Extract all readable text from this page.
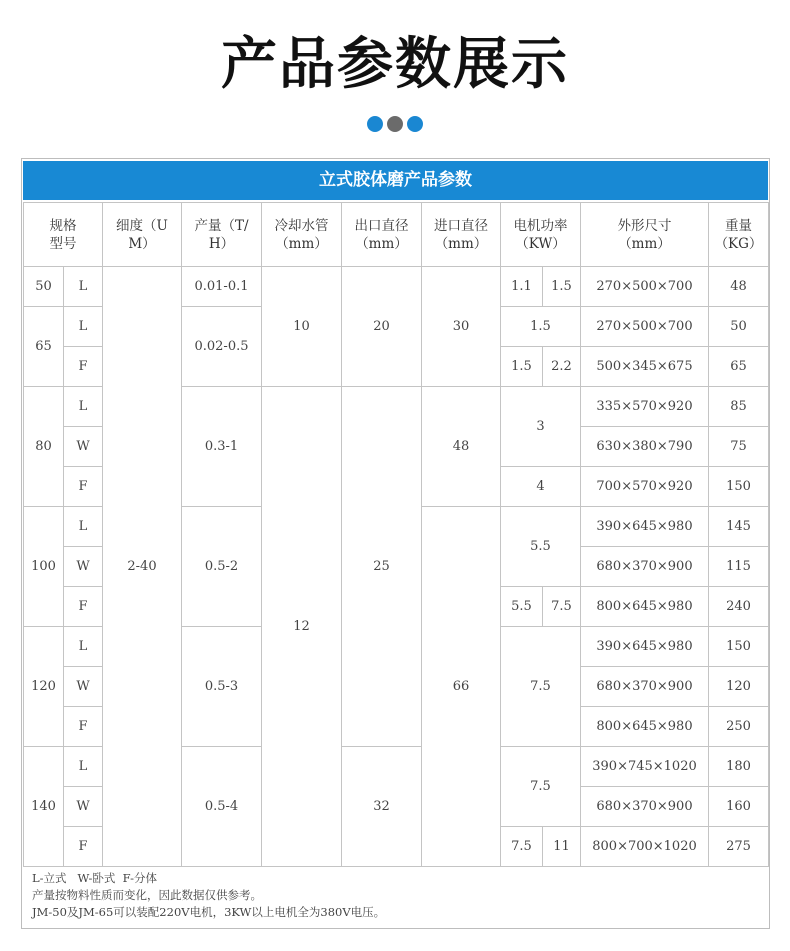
产品参数展示
立式胶体磨产品参数
规格
型号		细度（U
M）	产量（T/
H）	冷却水管
（mm）	出口直径
（mm）	进口直径
（mm）	电机功率
（KW）		外形尺寸
（mm）	重量
（KG）
50	L	2-40	0.01-0.1	10	20	30	1.1	1.5	270×500×700	48
65	L		0.02-0.5				1.5		270×500×700	50
	F						1.5	2.2	500×345×675	65
80	L		0.3-1	12	25	48	3		335×570×920	85
	W								630×380×790	75
	F						4		700×570×920	150
100	L		0.5-2			66	5.5		390×645×980	145
	W								680×370×900	115
	F						5.5	7.5	800×645×980	240
120	L		0.5-3				7.5		390×645×980	150
	W								680×370×900	120
	F								800×645×980	250
140	L		0.5-4		32		7.5		390×745×1020	180
	W								680×370×900	160
	F						7.5	11	800×700×1020	275
L-立式   W-卧式  F-分体
产量按物料性质而变化，因此数据仅供参考。
JM-50及JM-65可以装配220V电机，3KW以上电机全为380V电压。
